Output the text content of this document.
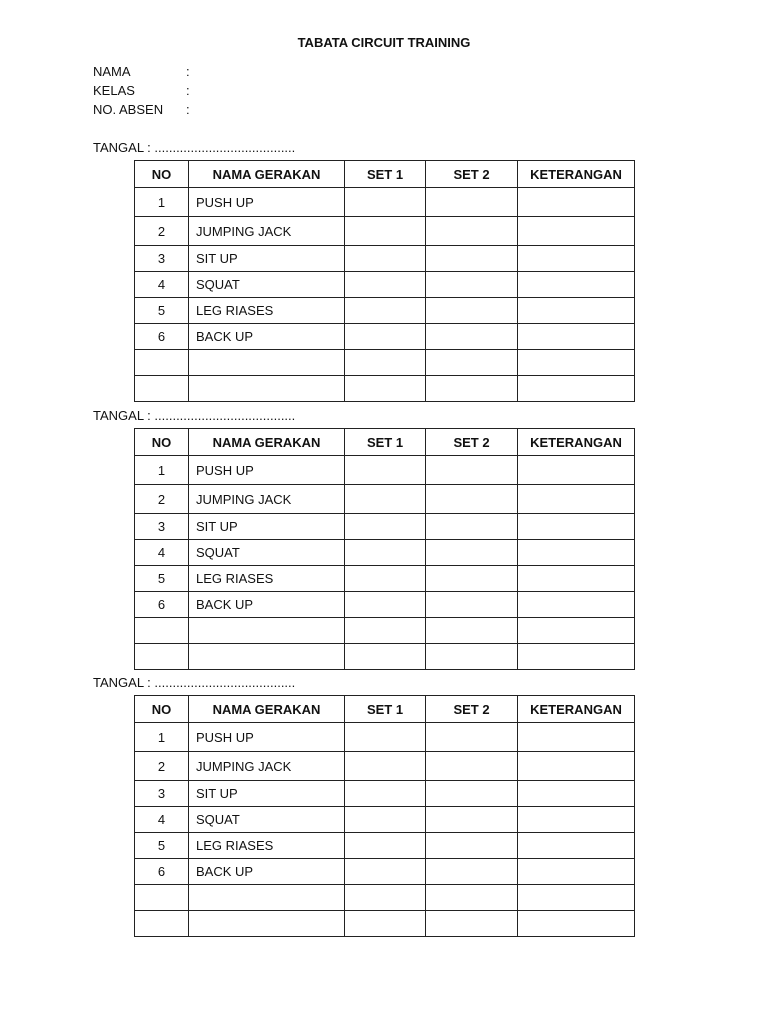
TABATA CIRCUIT TRAINING
NAMA	:
KELAS	:
NO. ABSEN :
TANGAL : .......................................
NO	NAMA GERAKAN	SET 1	SET 2	KETERANGAN
1	PUSH UP			
2	JUMPING JACK			
3	SIT UP			
4	SQUAT			
5	LEG RIASES			
6	BACK UP			

TANGAL : .......................................
NO	NAMA GERAKAN	SET 1	SET 2	KETERANGAN
1	PUSH UP			
2	JUMPING JACK			
3	SIT UP			
4	SQUAT			
5	LEG RIASES			
6	BACK UP			

TANGAL : .......................................
NO	NAMA GERAKAN	SET 1	SET 2	KETERANGAN
1	PUSH UP			
2	JUMPING JACK			
3	SIT UP			
4	SQUAT			
5	LEG RIASES			
6	BACK UP			
